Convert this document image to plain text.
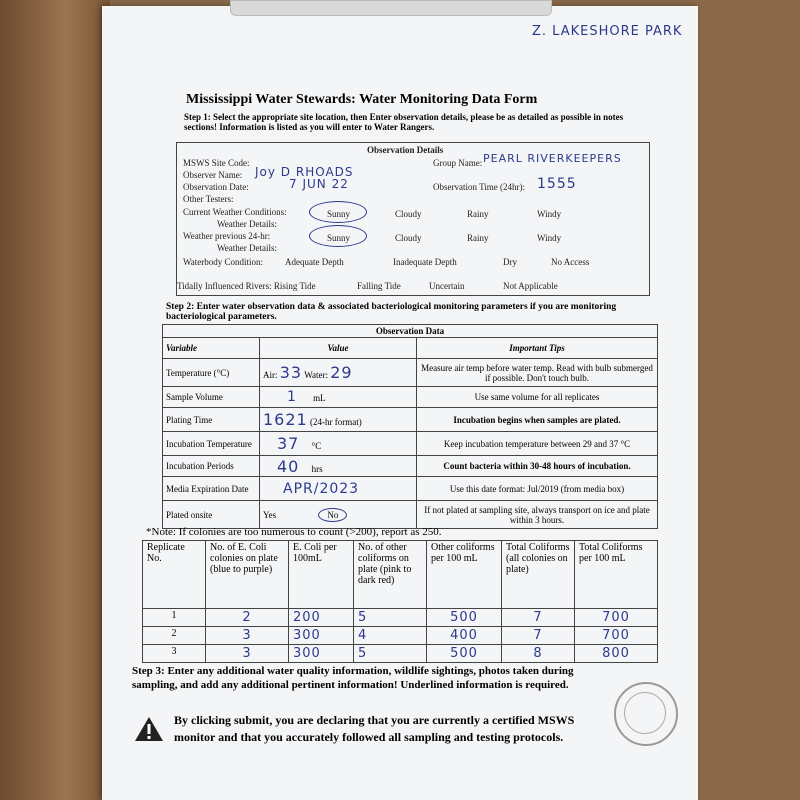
Z. LAKESHORE PARK
Mississippi Water Stewards: Water Monitoring Data Form
Step 1: Select the appropriate site location, then Enter observation details, please be as detailed as possible in notes sections! Information is listed as you will enter to Water Rangers.
Observation Details
MSWS Site Code:	Group Name: PEARL RIVERKEEPERS
Observer Name: Joy D RHOADS
Observation Date:	7 JUN 22	Observation Time (24hr): 1555
Other Testers:
Current Weather Conditions:
Weather Details:
Sunny	Cloudy	Rainy	Windy
Weather previous 24-hr:
Weather Details:
Sunny	Cloudy	Rainy	Windy
Waterbody Condition: Adequate Depth	Inadequate Depth	Dry	No Access
Tidally Influenced Rivers: Rising Tide	Falling Tide	Uncertain	Not Applicable
Step 2: Enter water observation data & associated bacteriological monitoring parameters if you are monitoring bacteriological parameters.
Observation Data		
Variable	Value	Important Tips
Temperature (°C)	Air: 33 Water: 29	Measure air temp before water temp. Read with bulb submerged if possible. Don't touch bulb.
Sample Volume	1 mL	Use same volume for all replicates
Plating Time	1621 (24-hr format)	Incubation begins when samples are plated.
Incubation Temperature	37 °C	Keep incubation temperature between 29 and 37 °C
Incubation Periods	40 hrs	Count bacteria within 30-48 hours of incubation.
Media Expiration Date	APR/2023	Use this date format: Jul/2019 (from media box)
Plated onsite	Yes No	If not plated at sampling site, always transport on ice and plate within 3 hours.
*Note: If colonies are too numerous to count (>200), report as 250.
Replicate No.	No. of E. Coli colonies on plate (blue to purple)	E. Coli per 100mL	No. of other coliforms on plate (pink to dark red)	Other coliforms per 100 mL	Total Coliforms (all colonies on plate)	Total Coliforms per 100 mL
1	2	200	5	500	7	700
2	3	300	4	400	7	700
3	3	300	5	500	8	800
Step 3: Enter any additional water quality information, wildlife sightings, photos taken during sampling, and add any additional pertinent information! Underlined information is required.
By clicking submit, you are declaring that you are currently a certified MSWS monitor and that you accurately followed all sampling and testing protocols.
